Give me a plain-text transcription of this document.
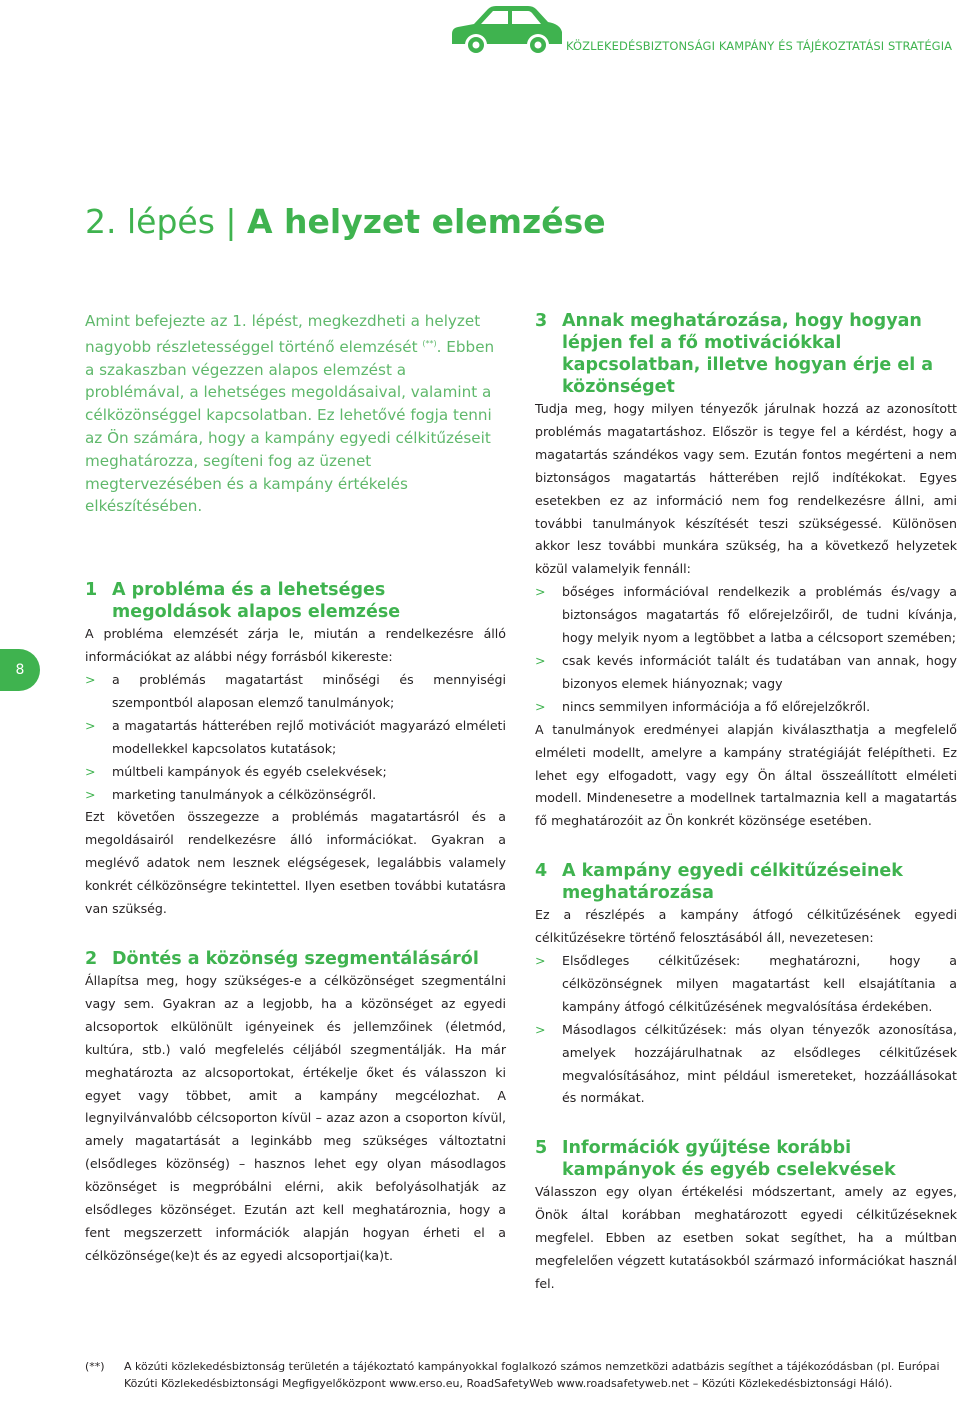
KÖZLEKEDÉSBIZTONSÁGI KAMPÁNY ÉS TÁJÉKOZTATÁSI STRATÉGIA
2. lépés | A helyzet elemzése
8

Amint befejezte az 1. lépést, megkezdheti a helyzet nagyobb részletességgel történő elemzését (**). Ebben a szakaszban végezzen alapos elemzést a problémával, a lehetséges megoldásaival, valamint a célközönséggel kapcsolatban. Ez lehetővé fogja tenni az Ön számára, hogy a kampány egyedi célkitűzéseit meghatározza, segíteni fog az üzenet megtervezésében és a kampány értékelés elkészítésében.

1 A probléma és a lehetséges megoldások alapos elemzése

A probléma elemzését zárja le, miután a rendelkezésre álló információkat az alábbi négy forrásból kikereste:

> a problémás magatartást minőségi és mennyiségi szempontból alaposan elemző tanulmányok;
> a magatartás hátterében rejlő motivációt magyarázó elméleti modellekkel kapcsolatos kutatások;
> múltbeli kampányok és egyéb cselekvések;
> marketing tanulmányok a célközönségről.

Ezt követően összegezze a problémás magatartásról és a megoldásairól rendelkezésre álló információkat. Gyakran a meglévő adatok nem lesznek elégségesek, legalábbis valamely konkrét célközönségre tekintettel. Ilyen esetben további kutatásra van szükség.

2 Döntés a közönség szegmentálásáról

Állapítsa meg, hogy szükséges-e a célközönséget szegmentálni vagy sem. Gyakran az a legjobb, ha a közönséget az egyedi alcsoportok elkülönült igényeinek és jellemzőinek (életmód, kultúra, stb.) való megfelelés céljából szegmentálják. Ha már meghatározta az alcsoportokat, értékelje őket és válasszon ki egyet vagy többet, amit a kampány megcélozhat. A legnyilvánvalóbb célcsoporton kívül – azaz azon a csoporton kívül, amely magatartását a leginkább meg szükséges változtatni (elsődleges közönség) – hasznos lehet egy olyan másodlagos közönséget is megpróbálni elérni, akik befolyásolhatják az elsődleges közönséget. Ezután azt kell meghatároznia, hogy a fent megszerzett információk alapján hogyan érheti el a célközönsége(ke)t és az egyedi alcsoportjai(ka)t.

3 Annak meghatározása, hogy hogyan lépjen fel a fő motivációkkal kapcsolatban, illetve hogyan érje el a közönséget

Tudja meg, hogy milyen tényezők járulnak hozzá az azonosított problémás magatartáshoz. Először is tegye fel a kérdést, hogy a magatartás szándékos vagy sem. Ezután fontos megérteni a nem biztonságos magatartás hátterében rejlő indítékokat. Egyes esetekben ez az információ nem fog rendelkezésre állni, ami további tanulmányok készítését teszi szükségessé. Különösen akkor lesz további munkára szükség, ha a következő helyzetek közül valamelyik fennáll:

> bőséges információval rendelkezik a problémás és/vagy a biztonságos magatartás fő előrejelzőiről, de tudni kívánja, hogy melyik nyom a legtöbbet a latba a célcsoport szemében;
> csak kevés információt talált és tudatában van annak, hogy bizonyos elemek hiányoznak; vagy
> nincs semmilyen információja a fő előrejelzőkről.

A tanulmányok eredményei alapján kiválaszthatja a megfelelő elméleti modellt, amelyre a kampány stratégiáját felépítheti. Ez lehet egy elfogadott, vagy egy Ön által összeállított elméleti modell. Mindenesetre a modellnek tartalmaznia kell a magatartás fő meghatározóit az Ön konkrét közönsége esetében.

4 A kampány egyedi célkitűzéseinek meghatározása

Ez a részlépés a kampány átfogó célkitűzésének egyedi célkitűzésekre történő felosztásából áll, nevezetesen:

> Elsődleges célkitűzések: meghatározni, hogy a célközönségnek milyen magatartást kell elsajátítania a kampány átfogó célkitűzésének megvalósítása érdekében.
> Másodlagos célkitűzések: más olyan tényezők azonosítása, amelyek hozzájárulhatnak az elsődleges célkitűzések megvalósításához, mint például ismereteket, hozzáállásokat és normákat.
5 Információk gyűjtése korábbi kampányok és egyéb cselekvések

Válasszon egy olyan értékelési módszertant, amely az egyes, Önök által korábban meghatározott egyedi célkitűzéseknek megfelel. Ebben az esetben sokat segíthet, ha a múltban megfelelően végzett kutatásokból származó információkat használ fel.

(**)	A közúti közlekedésbiztonság területén a tájékoztató kampányokkal foglalkozó számos nemzetközi adatbázis segíthet a tájékozódásban (pl. Európai Közúti Közlekedésbiztonsági Megfigyelőközpont www.erso.eu, RoadSafetyWeb www.roadsafetyweb.net – Közúti Közlekedésbiztonsági Háló).
